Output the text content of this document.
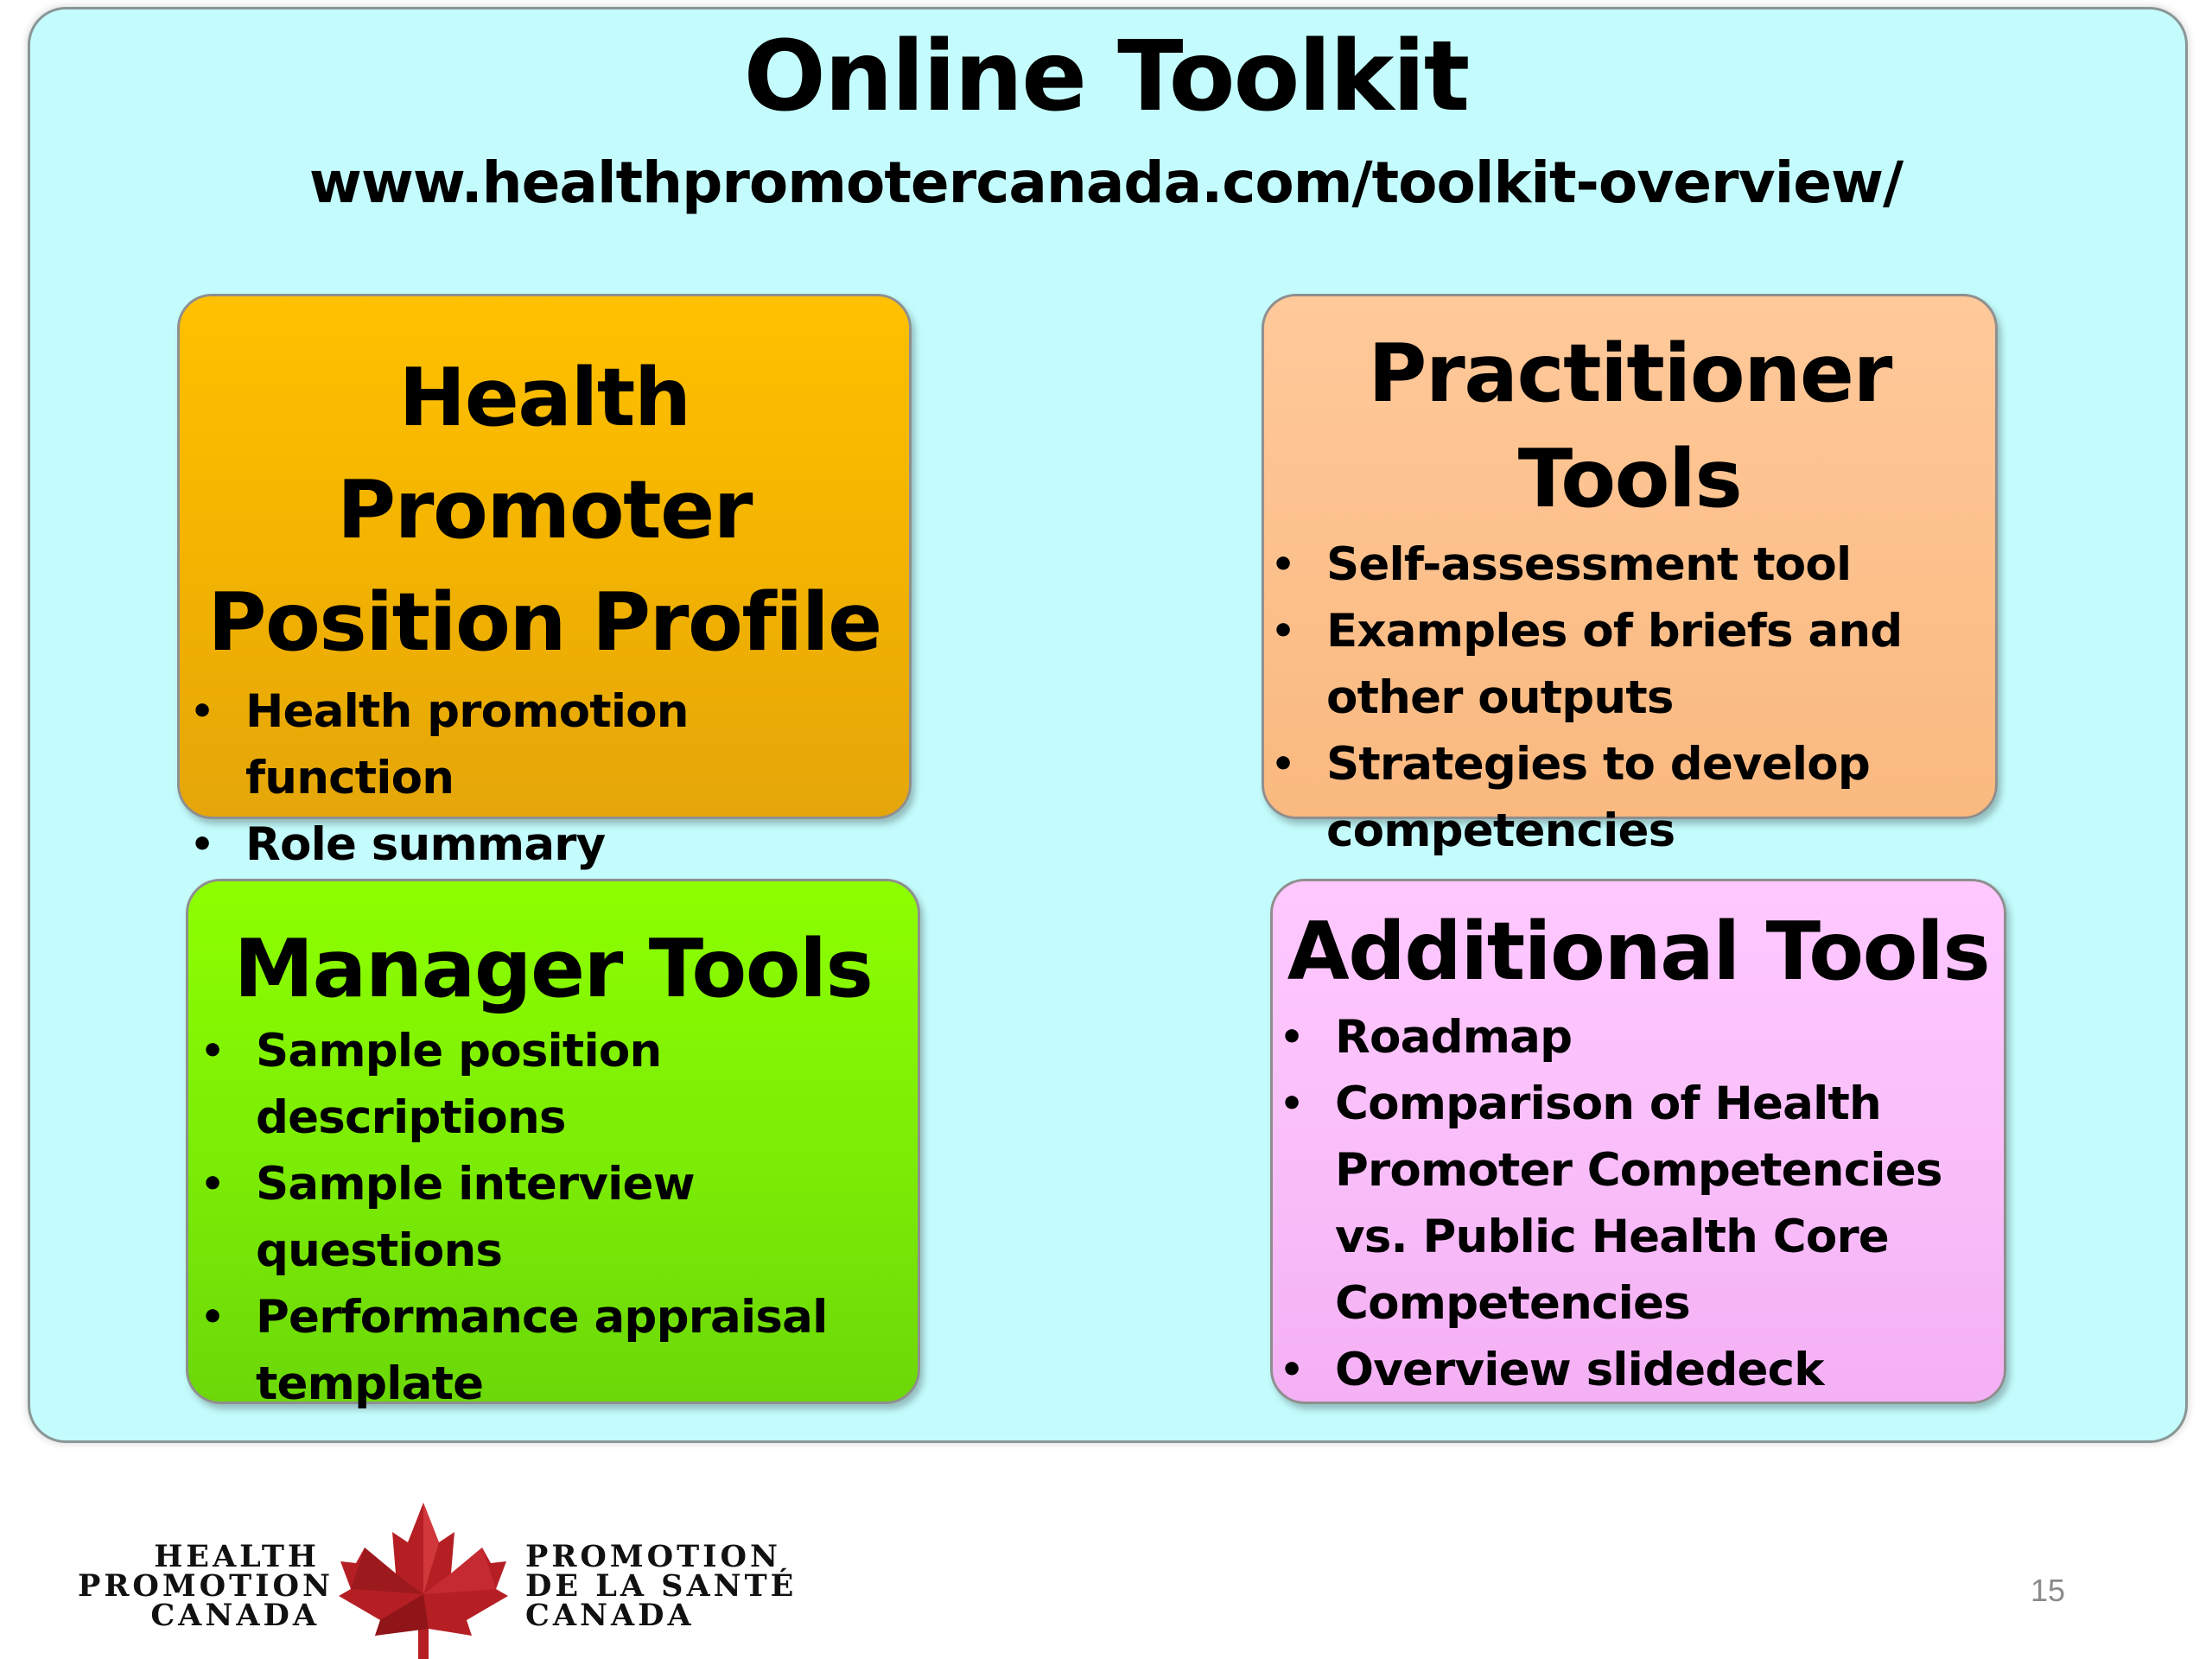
Online Toolkit
www.healthpromotercanada.com/toolkit-overview/
Health Promoter
Position Profile
• Health promotion function
• Role summary
Practitioner Tools
• Self-assessment tool
• Examples of briefs and other outputs
• Strategies to develop competencies
Manager Tools
• Sample position descriptions
• Sample interview questions
• Performance appraisal template
Additional Tools
• Roadmap
• Comparison of Health Promoter Competencies vs. Public Health Core Competencies
• Overview slidedeck
HEALTH
PROMOTION
CANADA
PROMOTION
DE LA SANTÉ
CANADA
15
